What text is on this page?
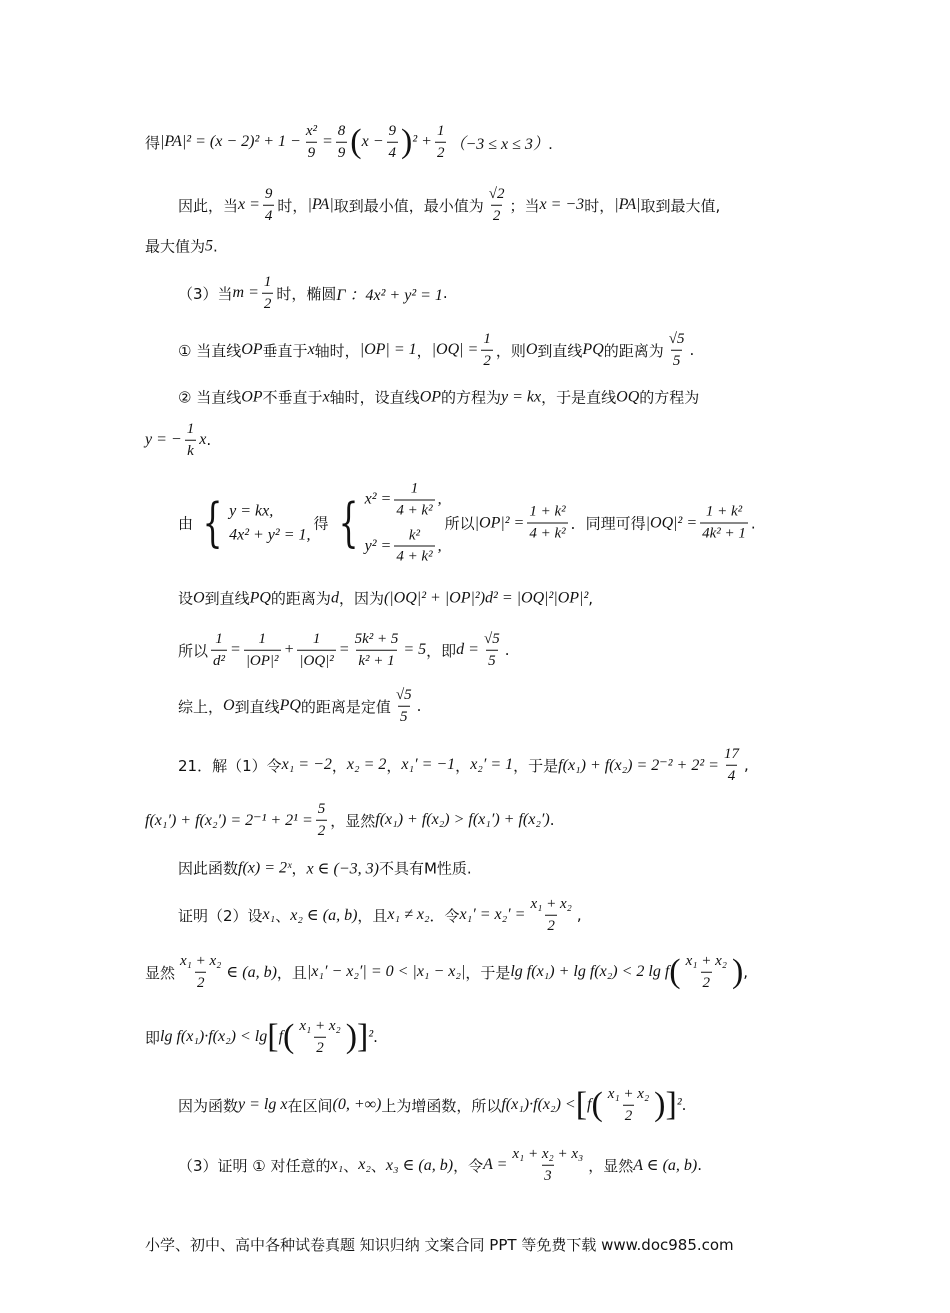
得 $|PA|^2 = (x - 2)^2 + 1 - \frac{\text{x²}}{9} = \frac{8}{9}$ ( $x - \frac{9}{4}$ ) $^2 + \frac{1}{2} (-3 \le x \le 3)$.
因此，当 $x = \frac{9}{4}$ 时， |PA| 取到最小值，最小值为 $\frac{√2}{2}$ ；当 x = −3 时， |PA| 取到最大值,
最大值为 5 .
（3）当 $m = \frac{1}{2}$ 时，椭圆 Γ ：4x² + y² = 1 .
① 当直线 OP 垂直于 x 轴时， |OP| = 1 ， $|OQ| = \frac{1}{2}$ ，则 O 到直线 PQ 的距离为 $\frac{√5}{5}$ .
② 当直线 OP 不垂直于 x 轴时，设直线 OP 的方程为 y = kx ，于是直线 OQ 的方程为
y = − $\frac{1}{k}$ x .
由 { y = kx,
4x² + y² = 1,
得 { $x^2 = \frac{1}{\text{4 + k²}}$ ,
$y^2 = \frac{\text{k²}}{\text{4 + k²}}$ ,
所以 $|OP|^2 = \frac{\text{1 + k²}}{\text{4 + k²}}$ ．同理可得 $|OQ|^2 = \frac{\text{1 + k²}}{\text{4k² + 1}}$ .
设 O 到直线 PQ 的距离为 d ，因为 (|OQ|² + |OP|²)d² = |OQ|²|OP|² ,
所以 $\frac{1}{\text{d²}} = \frac{1}{\text{|OP|²}} + \frac{1}{\text{|OQ|²}} = \frac{\text{5k² + 5}}{\text{k² + 1}} = 5$ ，即 $d = \frac{√5}{5}$ .
综上， O 到直线 PQ 的距离是定值 $\frac{√5}{5}$ .
21．解（1）令 x₁ = −2 ， x₂ = 2 ， x₁′ = −1 ， x₂′ = 1 ，于是 $f(x_1) + f(x_2) = 2^{-2} + 2^2 = \frac{17}{4}$ ,
$f(x_1') + f(x_2') = 2^{-1} + 2^1 = \frac{5}{2}$ ，显然 f(x₁) + f(x₂) > f(x₁′) + f(x₂′) .
因此函数 f(x) = 2ˣ ， x ∈ (−3, 3) 不具有M性质.
证明（2）设 x₁ 、 x₂ ∈ (a, b) ，且 x₁ ≠ x₂ ．令 $x_1' = x_2' = \frac{\text{x₁ + x₂}}{2}$ ,
显然 $\frac{\text{x₁ + x₂}}{2}$ ∈ (a, b) ，且 |x₁′ − x₂′| = 0 < |x₁ − x₂| ，于是 lg f(x₁) + lg f(x₂) < 2 lg f ( $\frac{\text{x₁ + x₂}}{2}$ ) ,
即 lg f(x₁)·f(x₂) < lg [ f ( $\frac{\text{x₁ + x₂}}{2}$ ) ] ² .
因为函数 y = lg x 在区间 (0, +∞) 上为增函数，所以 f(x₁)·f(x₂) < [ f ( $\frac{\text{x₁ + x₂}}{2}$ ) ] ² .
（3）证明 ① 对任意的 x₁ 、 x₂ 、 x₃ ∈ (a, b) ，令 $A = \frac{\text{x₁ + x₂ + x₃}}{3}$ ，显然 A ∈ (a, b) .
小学、初中、高中各种试卷真题 知识归纳 文案合同 PPT 等免费下载 www.doc985.com
